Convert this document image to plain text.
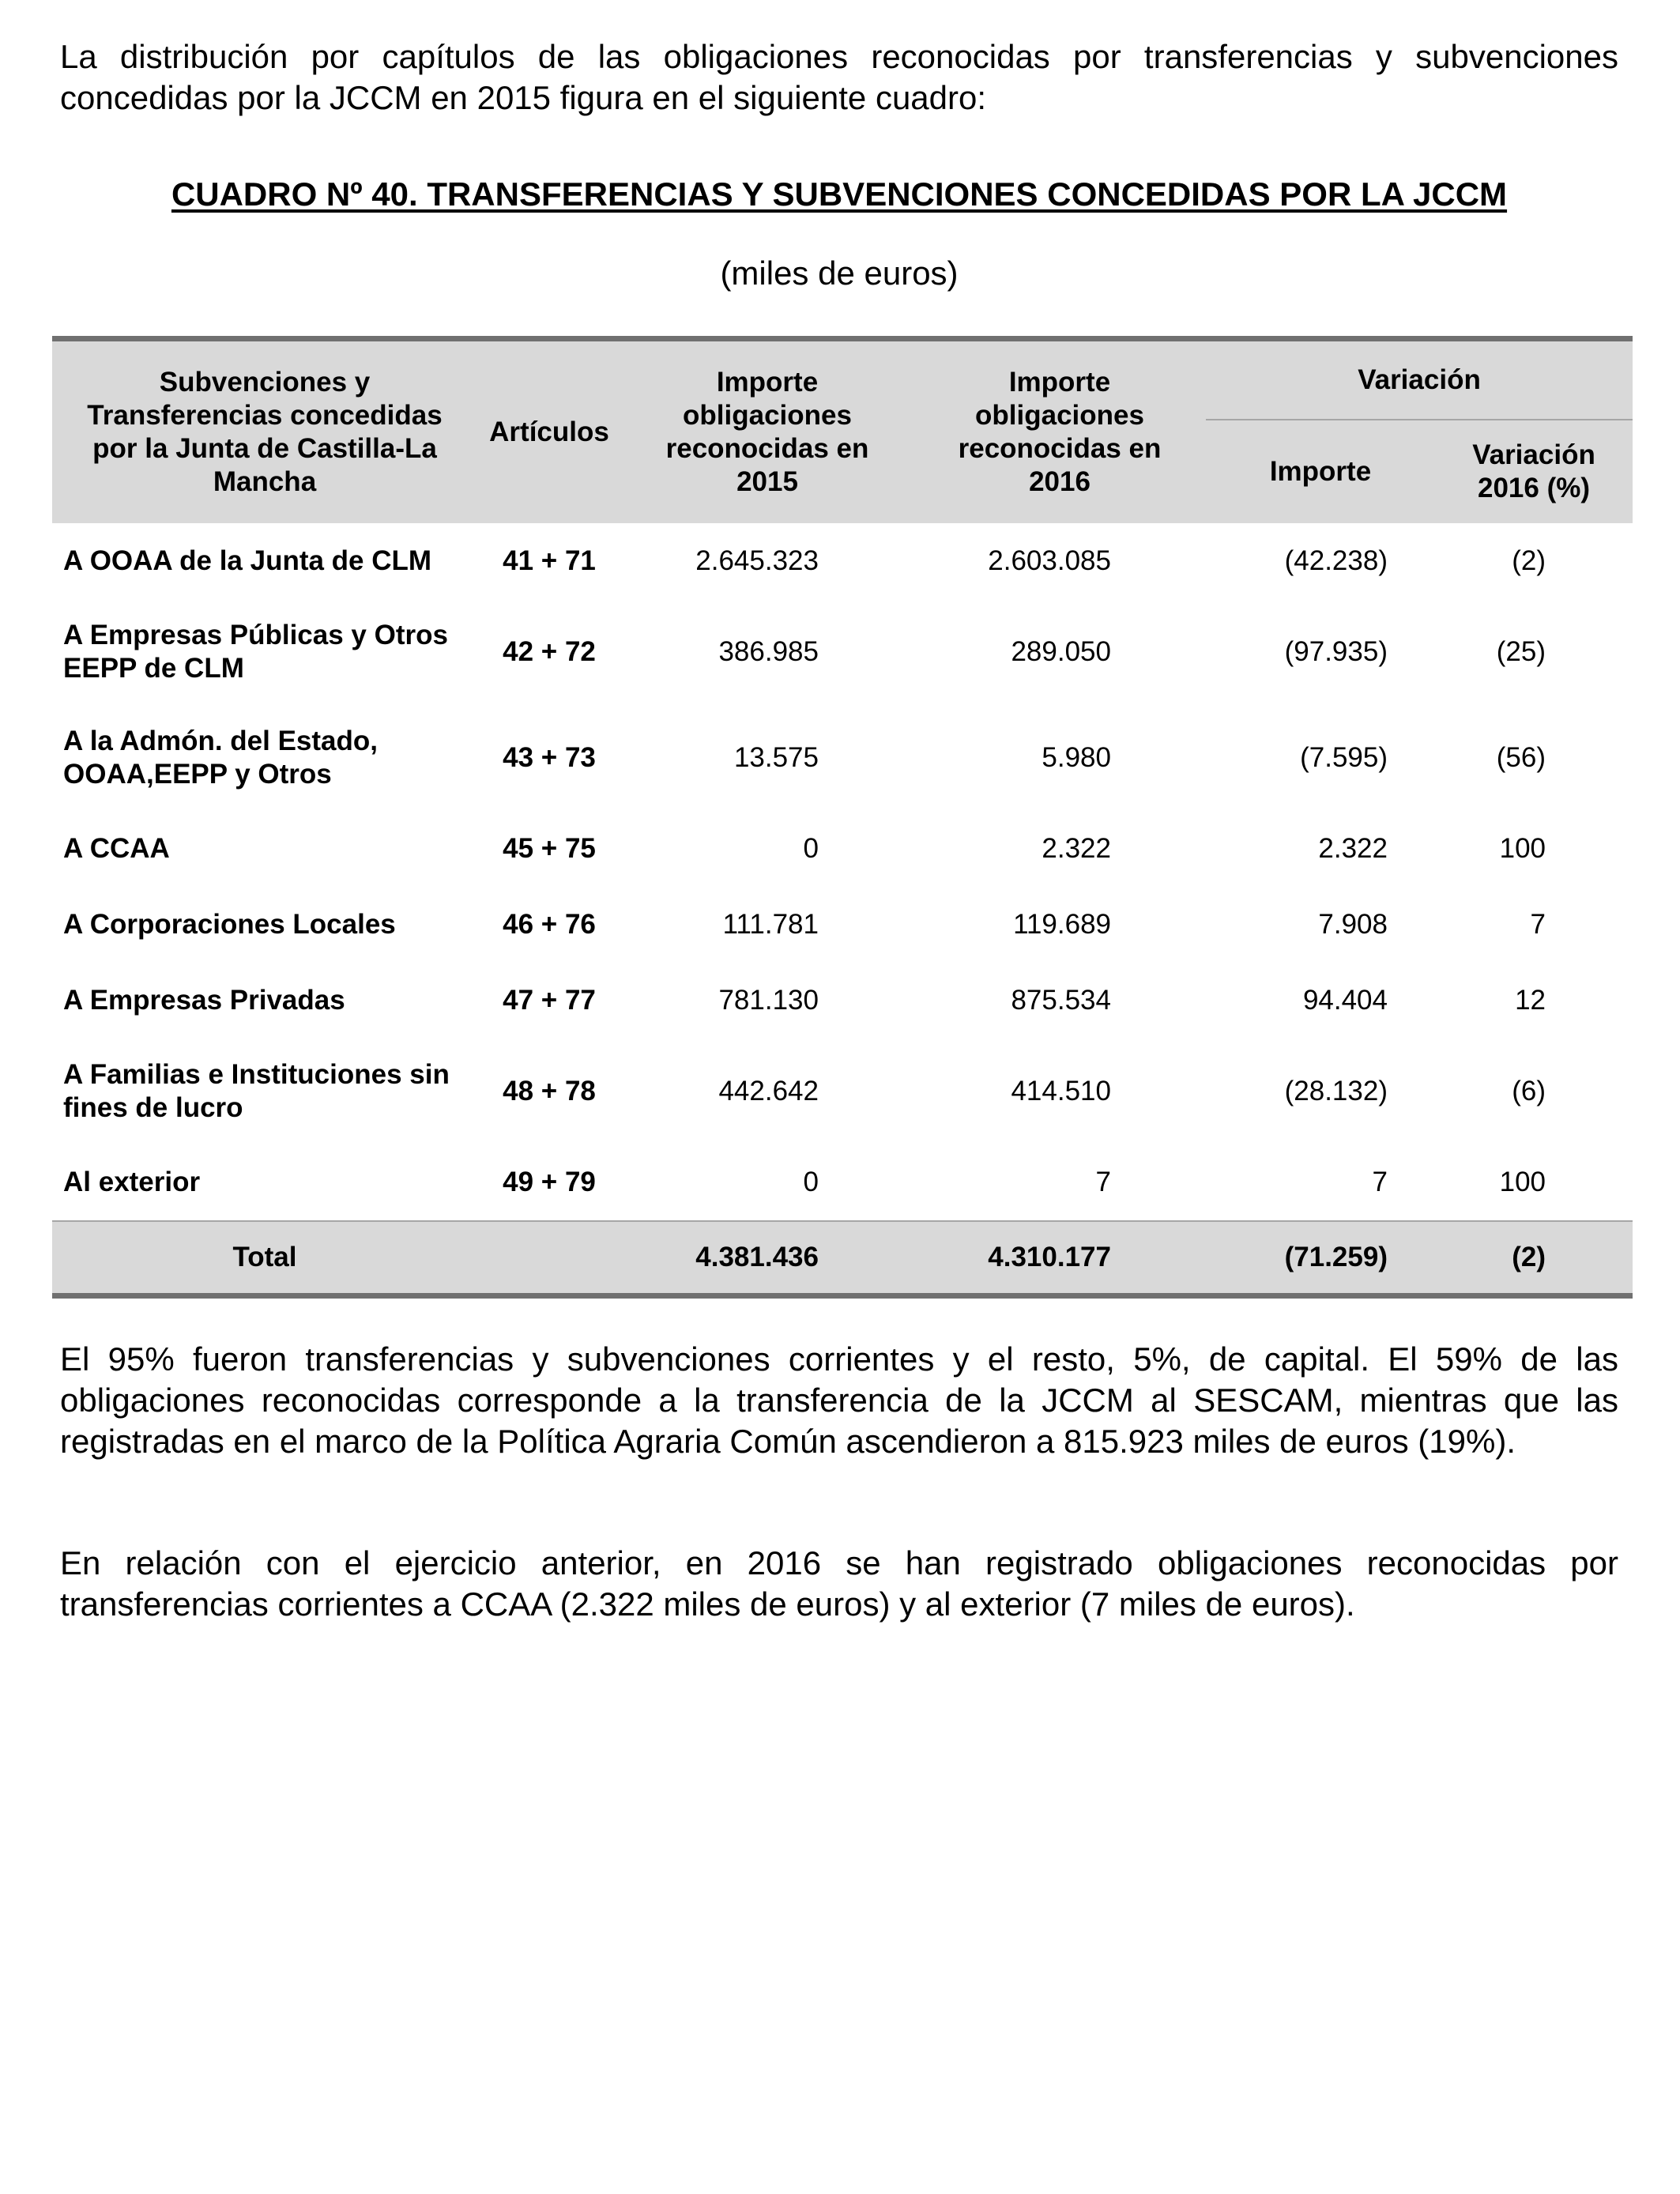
La distribución por capítulos de las obligaciones reconocidas por transferencias y subvenciones concedidas por la JCCM en 2015 figura en el siguiente cuadro:

CUADRO Nº 40. TRANSFERENCIAS Y SUBVENCIONES CONCEDIDAS POR LA JCCM

(miles de euros)

Subvenciones y Transferencias concedidas por la Junta de Castilla-La Mancha	Artículos	Importe obligaciones reconocidas en 2015	Importe obligaciones reconocidas en 2016	Variación	
				Importe	Variación 2016 (%)
A OOAA de la Junta de CLM	41 + 71	2.645.323	2.603.085	(42.238)	(2)
A Empresas Públicas y Otros EEPP de CLM	42 + 72	386.985	289.050	(97.935)	(25)
A la Admón. del Estado, OOAA,EEPP y Otros	43 + 73	13.575	5.980	(7.595)	(56)
A CCAA	45 + 75	0	2.322	2.322	100
A Corporaciones Locales	46 + 76	111.781	119.689	7.908	7
A Empresas Privadas	47 + 77	781.130	875.534	94.404	12
A Familias e Instituciones sin fines de lucro	48 + 78	442.642	414.510	(28.132)	(6)
Al exterior	49 + 79	0	7	7	100
Total		4.381.436	4.310.177	(71.259)	(2)

El 95% fueron transferencias y subvenciones corrientes y el resto, 5%, de capital. El 59% de las obligaciones reconocidas corresponde a la transferencia de la JCCM al SESCAM, mientras que las registradas en el marco de la Política Agraria Común ascendieron a 815.923 miles de euros (19%).

En relación con el ejercicio anterior, en 2016 se han registrado obligaciones reconocidas por transferencias corrientes a CCAA (2.322 miles de euros) y al exterior (7 miles de euros).
